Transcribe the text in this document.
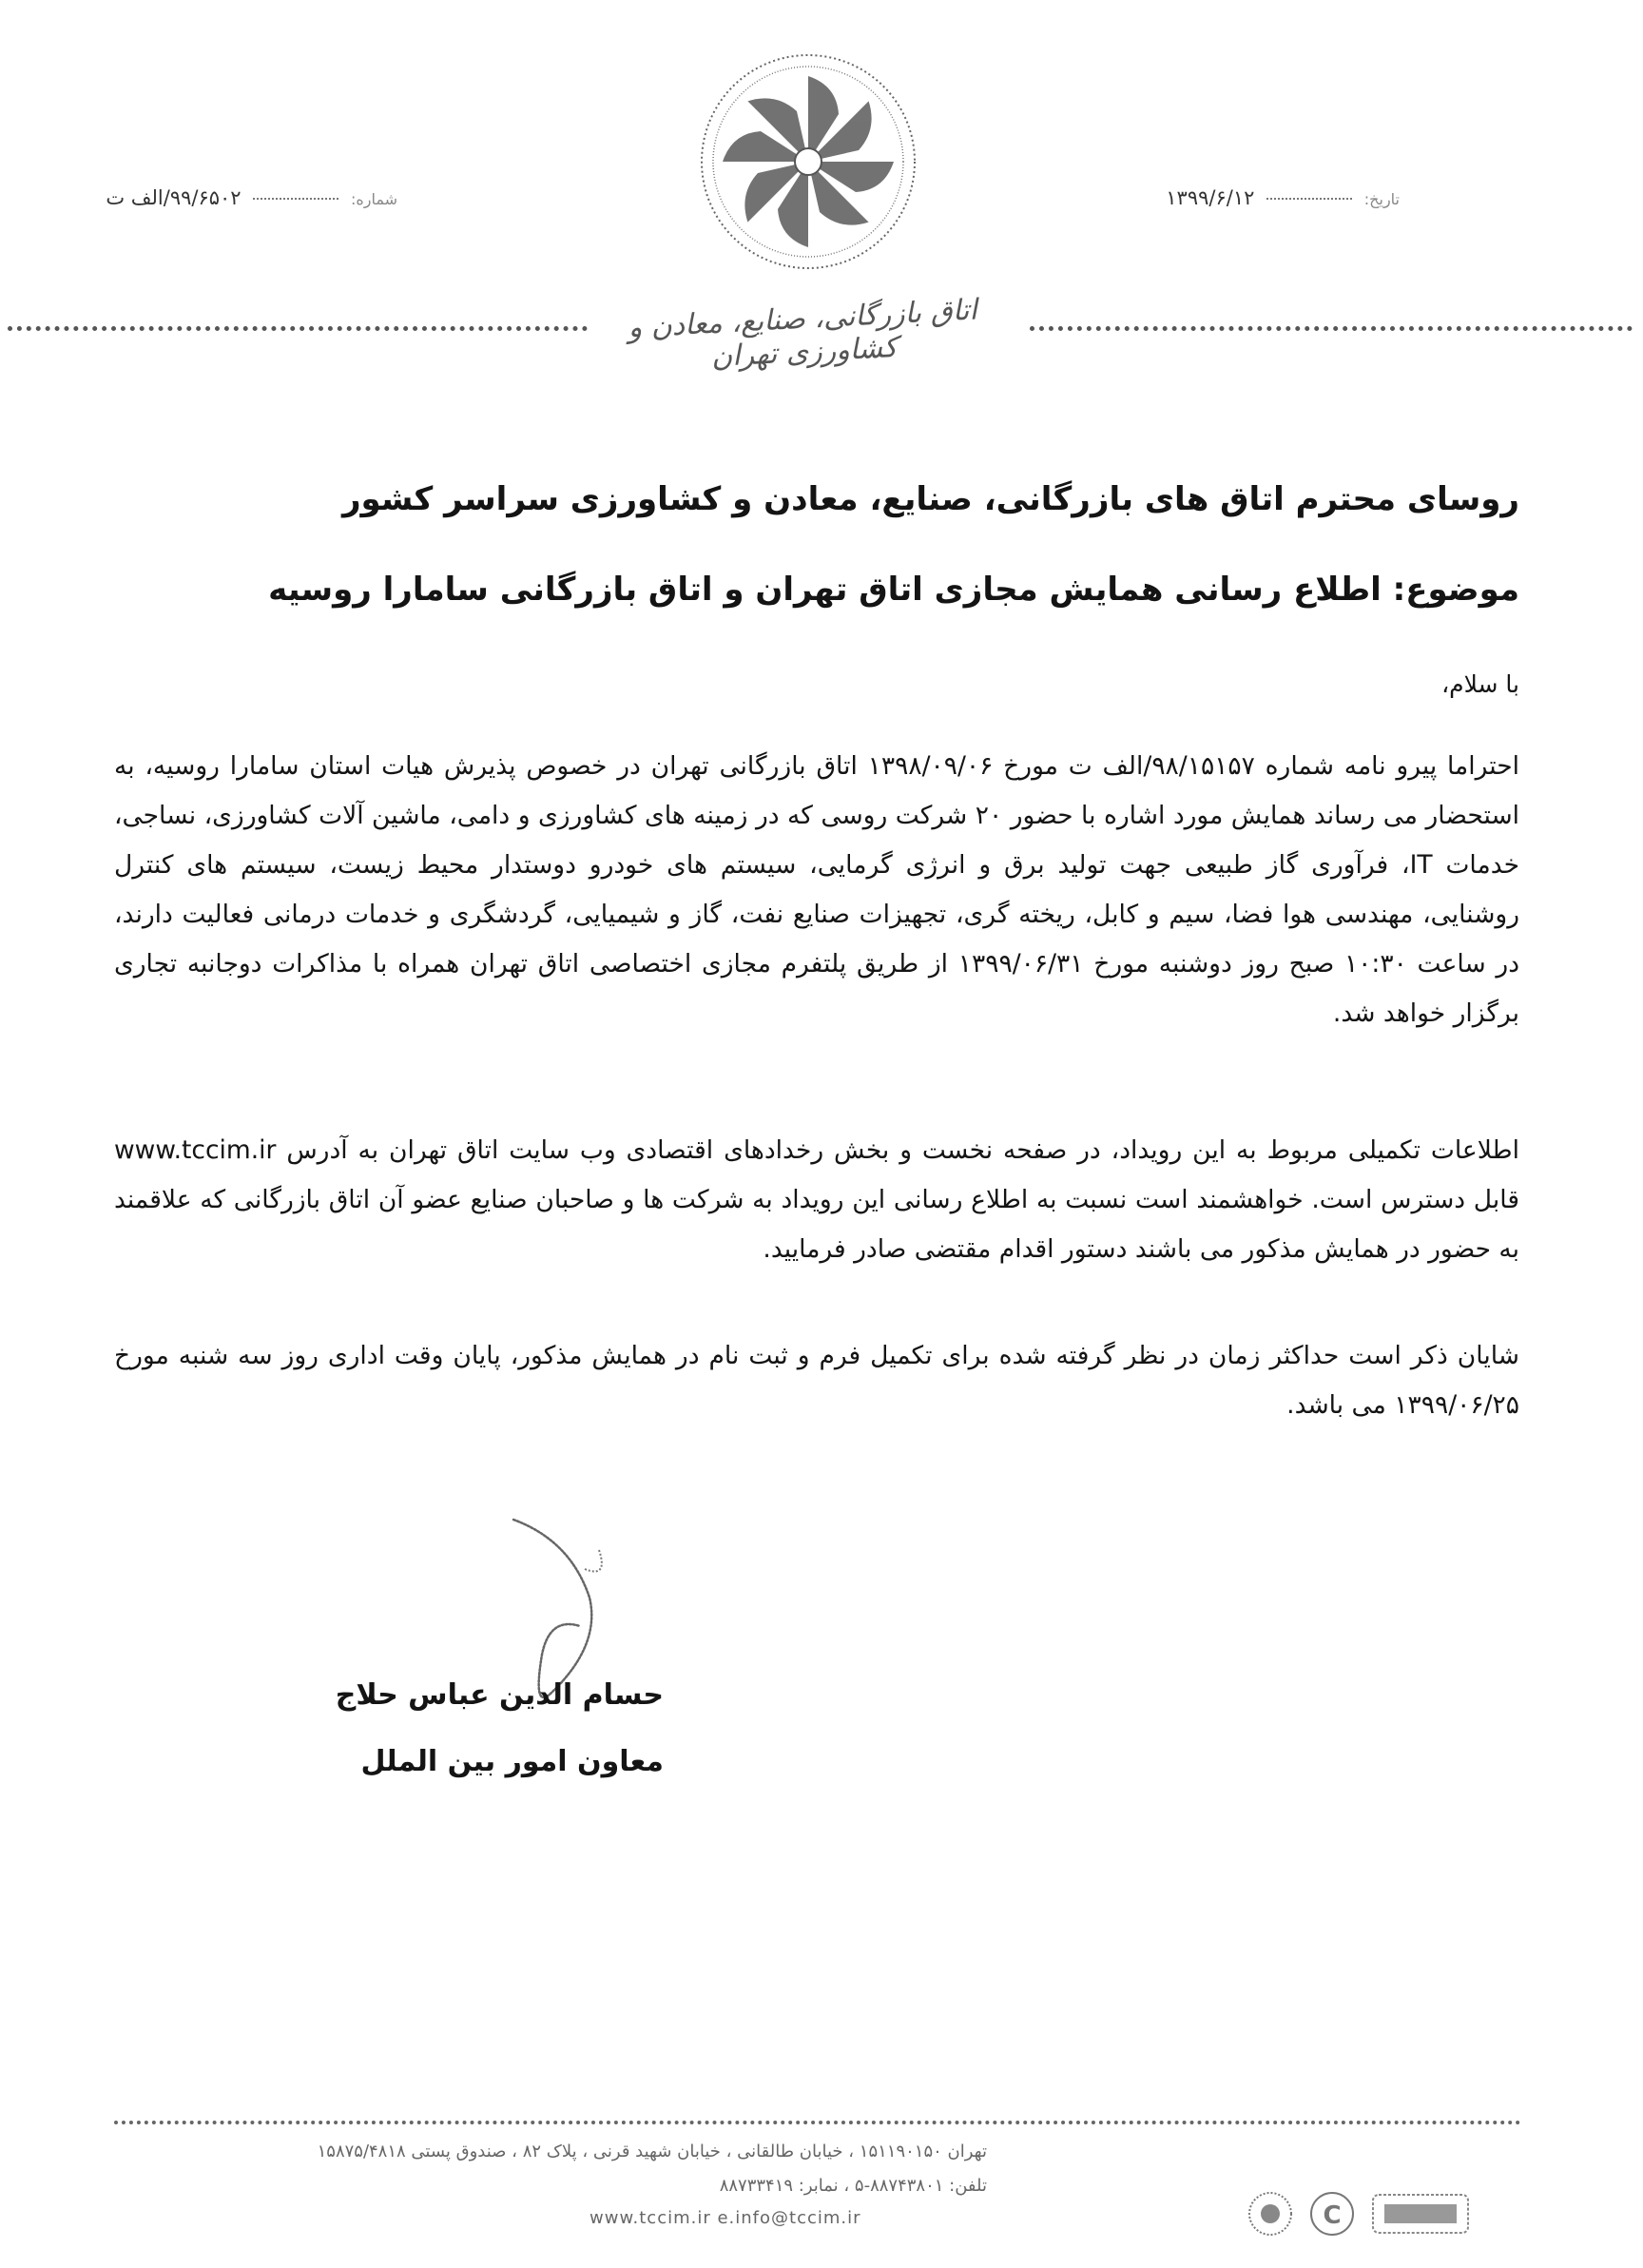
تاریخ:  ۱۳۹۹/۶/۱۲
شماره:  ۹۹/۶۵۰۲/الف ت
اتاق بازرگانی، صنایع، معادن و کشاورزی تهران
روسای محترم اتاق های بازرگانی، صنایع، معادن و کشاورزی سراسر کشور
موضوع: اطلاع رسانی همایش مجازی اتاق تهران و اتاق بازرگانی سامارا روسیه
با سلام،
احتراما پیرو نامه شماره ۹۸/۱۵۱۵۷/الف ت مورخ ۱۳۹۸/۰۹/۰۶ اتاق بازرگانی تهران در خصوص پذیرش هیات استان سامارا روسیه، به استحضار می رساند همایش مورد اشاره با حضور ۲۰ شرکت روسی که در زمینه های کشاورزی و دامی، ماشین آلات کشاورزی، نساجی، خدمات IT، فرآوری گاز طبیعی جهت تولید برق و انرژی گرمایی، سیستم های خودرو دوستدار محیط زیست، سیستم های کنترل روشنایی، مهندسی هوا فضا، سیم و کابل، ریخته گری، تجهیزات صنایع نفت، گاز و شیمیایی، گردشگری و خدمات درمانی فعالیت دارند، در ساعت ۱۰:۳۰ صبح روز دوشنبه مورخ ۱۳۹۹/۰۶/۳۱ از طریق پلتفرم مجازی اختصاصی اتاق تهران همراه با مذاکرات دوجانبه تجاری برگزار خواهد شد.
اطلاعات تکمیلی مربوط به این رویداد، در صفحه نخست و بخش رخدادهای اقتصادی وب سایت اتاق تهران به آدرس www.tccim.ir قابل دسترس است. خواهشمند است نسبت به اطلاع رسانی این رویداد به شرکت ها و صاحبان صنایع عضو آن اتاق بازرگانی که علاقمند به حضور در همایش مذکور می باشند دستور اقدام مقتضی صادر فرمایید.
شایان ذکر است حداکثر زمان در نظر گرفته شده برای تکمیل فرم و ثبت نام در همایش مذکور، پایان وقت اداری روز سه شنبه مورخ ۱۳۹۹/۰۶/۲۵ می باشد.
حسام الدین عباس حلاج
معاون امور بین الملل
تهران ۱۵۱۱۹۰۱۵۰ ، خیابان طالقانی ، خیابان شهید قرنی ، پلاک ۸۲ ، صندوق پستی ۱۵۸۷۵/۴۸۱۸
تلفن: ۸۸۷۴۳۸۰۱-۵ ، نمابر: ۸۸۷۳۳۴۱۹
www.tccim.ir e.info@tccim.ir	C
